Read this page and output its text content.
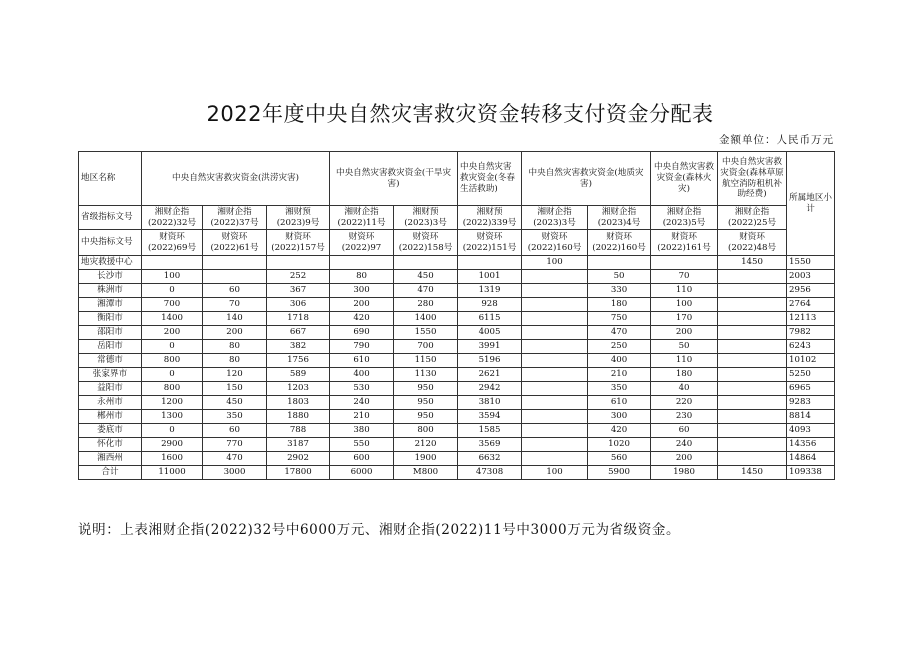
2022年度中央自然灾害救灾资金转移支付资金分配表
金额单位：人民币万元
地区名称	中央自然灾害救灾资金(洪涝灾害)			中央自然灾害救灾资金(干旱灾害)		中央自然灾害救灾资金(冬春生活救助)	中央自然灾害救灾资金(地质灾害)		中央自然灾害救灾资金(森林火灾)	中央自然灾害救灾资金(森林草原航空消防租机补助经费)	所属地区小计
省级指标文号	湘财企指(2022)32号	湘财企指(2022)37号	湘财预(2023)9号	湘财企指(2022)11号	湘财预(2023)3号	湘财预(2022)339号	湘财企指(2023)3号	湘财企指(2023)4号	湘财企指(2023)5号	湘财企指(2022)25号	
中央指标文号	财资环(2022)69号	财资环(2022)61号	财资环(2022)157号	财资环(2022)97	财资环(2022)158号	财资环(2022)151号	财资环(2022)160号	财资环(2022)160号	财资环(2022)161号	财资环(2022)48号	
地灾救援中心							100			1450	1550
长沙市	100		252	80	450	1001		50	70		2003
株洲市	0	60	367	300	470	1319		330	110		2956
湘潭市	700	70	306	200	280	928		180	100		2764
衡阳市	1400	140	1718	420	1400	6115		750	170		12113
邵阳市	200	200	667	690	1550	4005		470	200		7982
岳阳市	0	80	382	790	700	3991		250	50		6243
常德市	800	80	1756	610	1150	5196		400	110		10102
张家界市	0	120	589	400	1130	2621		210	180		5250
益阳市	800	150	1203	530	950	2942		350	40		6965
永州市	1200	450	1803	240	950	3810		610	220		9283
郴州市	1300	350	1880	210	950	3594		300	230		8814
娄底市	0	60	788	380	800	1585		420	60		4093
怀化市	2900	770	3187	550	2120	3569		1020	240		14356
湘西州	1600	470	2902	600	1900	6632		560	200		14864
合计	11000	3000	17800	6000	M800	47308	100	5900	1980	1450	109338
说明：上表湘财企指(2022)32号中6000万元、湘财企指(2022)11号中3000万元为省级资金。
